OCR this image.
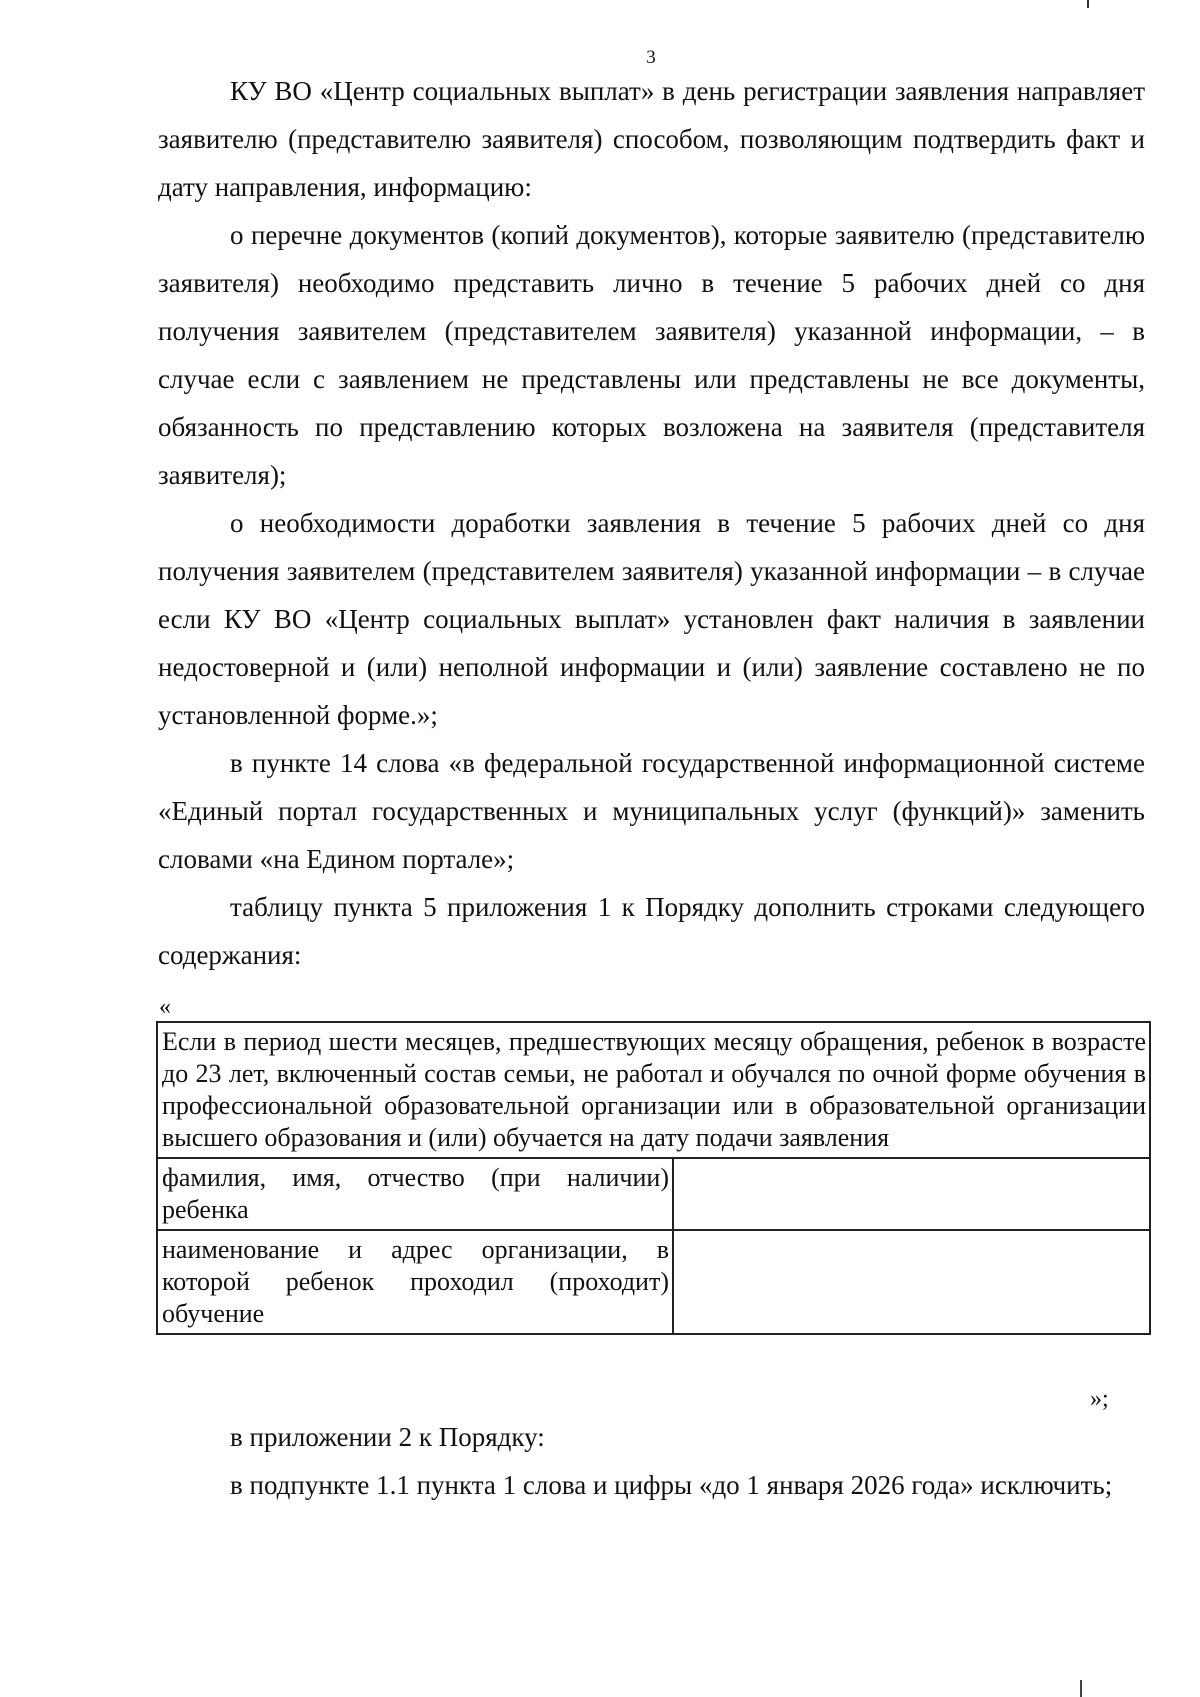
3

КУ ВО «Центр социальных выплат» в день регистрации заявления направляет заявителю (представителю заявителя) способом, позволяющим подтвердить факт и дату направления, информацию:

о перечне документов (копий документов), которые заявителю (представителю заявителя) необходимо представить лично в течение 5 рабочих дней со дня получения заявителем (представителем заявителя) указанной информации, – в случае если с заявлением не представлены или представлены не все документы, обязанность по представлению которых возложена на заявителя (представителя заявителя);

о необходимости доработки заявления в течение 5 рабочих дней со дня получения заявителем (представителем заявителя) указанной информации – в случае если КУ ВО «Центр социальных выплат» установлен факт наличия в заявлении недостоверной и (или) неполной информации и (или) заявление составлено не по установленной форме.»;

в пункте 14 слова «в федеральной государственной информационной системе «Единый портал государственных и муниципальных услуг (функций)» заменить словами «на Едином портале»;

таблицу пункта 5 приложения 1 к Порядку дополнить строками следующего содержания:

«
Если в период шести месяцев, предшествующих месяцу обращения, ребенок в возрасте до 23 лет, включенный состав семьи, не работал и обучался по очной форме обучения в профессиональной образовательной организации или в образовательной организации высшего образования и (или) обучается на дату подачи заявления	
фамилия, имя, отчество (при наличии) ребенка	
наименование и адрес организации, в которой ребенок проходил (проходит) обучение	
»;

в приложении 2 к Порядку:

в подпункте 1.1 пункта 1 слова и цифры «до 1 января 2026 года» исключить;
